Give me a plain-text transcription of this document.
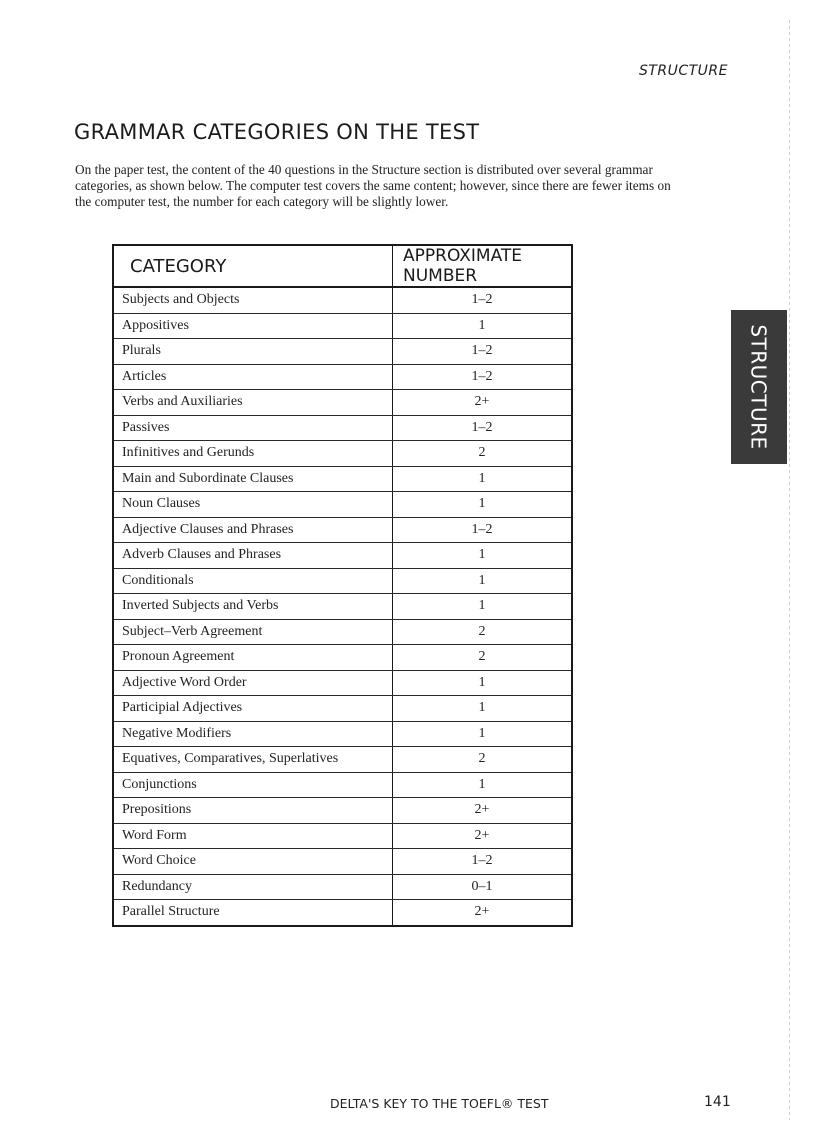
STRUCTURE
GRAMMAR CATEGORIES ON THE TEST

On the paper test, the content of the 40 questions in the Structure section is distributed over several grammar categories, as shown below. The computer test covers the same content; however, since there are fewer items on the computer test, the number for each category will be slightly lower.

CATEGORY	APPROXIMATE NUMBER
Subjects and Objects	1–2
Appositives	1
Plurals	1–2
Articles	1–2
Verbs and Auxiliaries	2+
Passives	1–2
Infinitives and Gerunds	2
Main and Subordinate Clauses	1
Noun Clauses	1
Adjective Clauses and Phrases	1–2
Adverb Clauses and Phrases	1
Conditionals	1
Inverted Subjects and Verbs	1
Subject–Verb Agreement	2
Pronoun Agreement	2
Adjective Word Order	1
Participial Adjectives	1
Negative Modifiers	1
Equatives, Comparatives, Superlatives	2
Conjunctions	1
Prepositions	2+
Word Form	2+
Word Choice	1–2
Redundancy	0–1
Parallel Structure	2+
STRUCTURE
DELTA'S KEY TO THE TOEFL® TEST	141
